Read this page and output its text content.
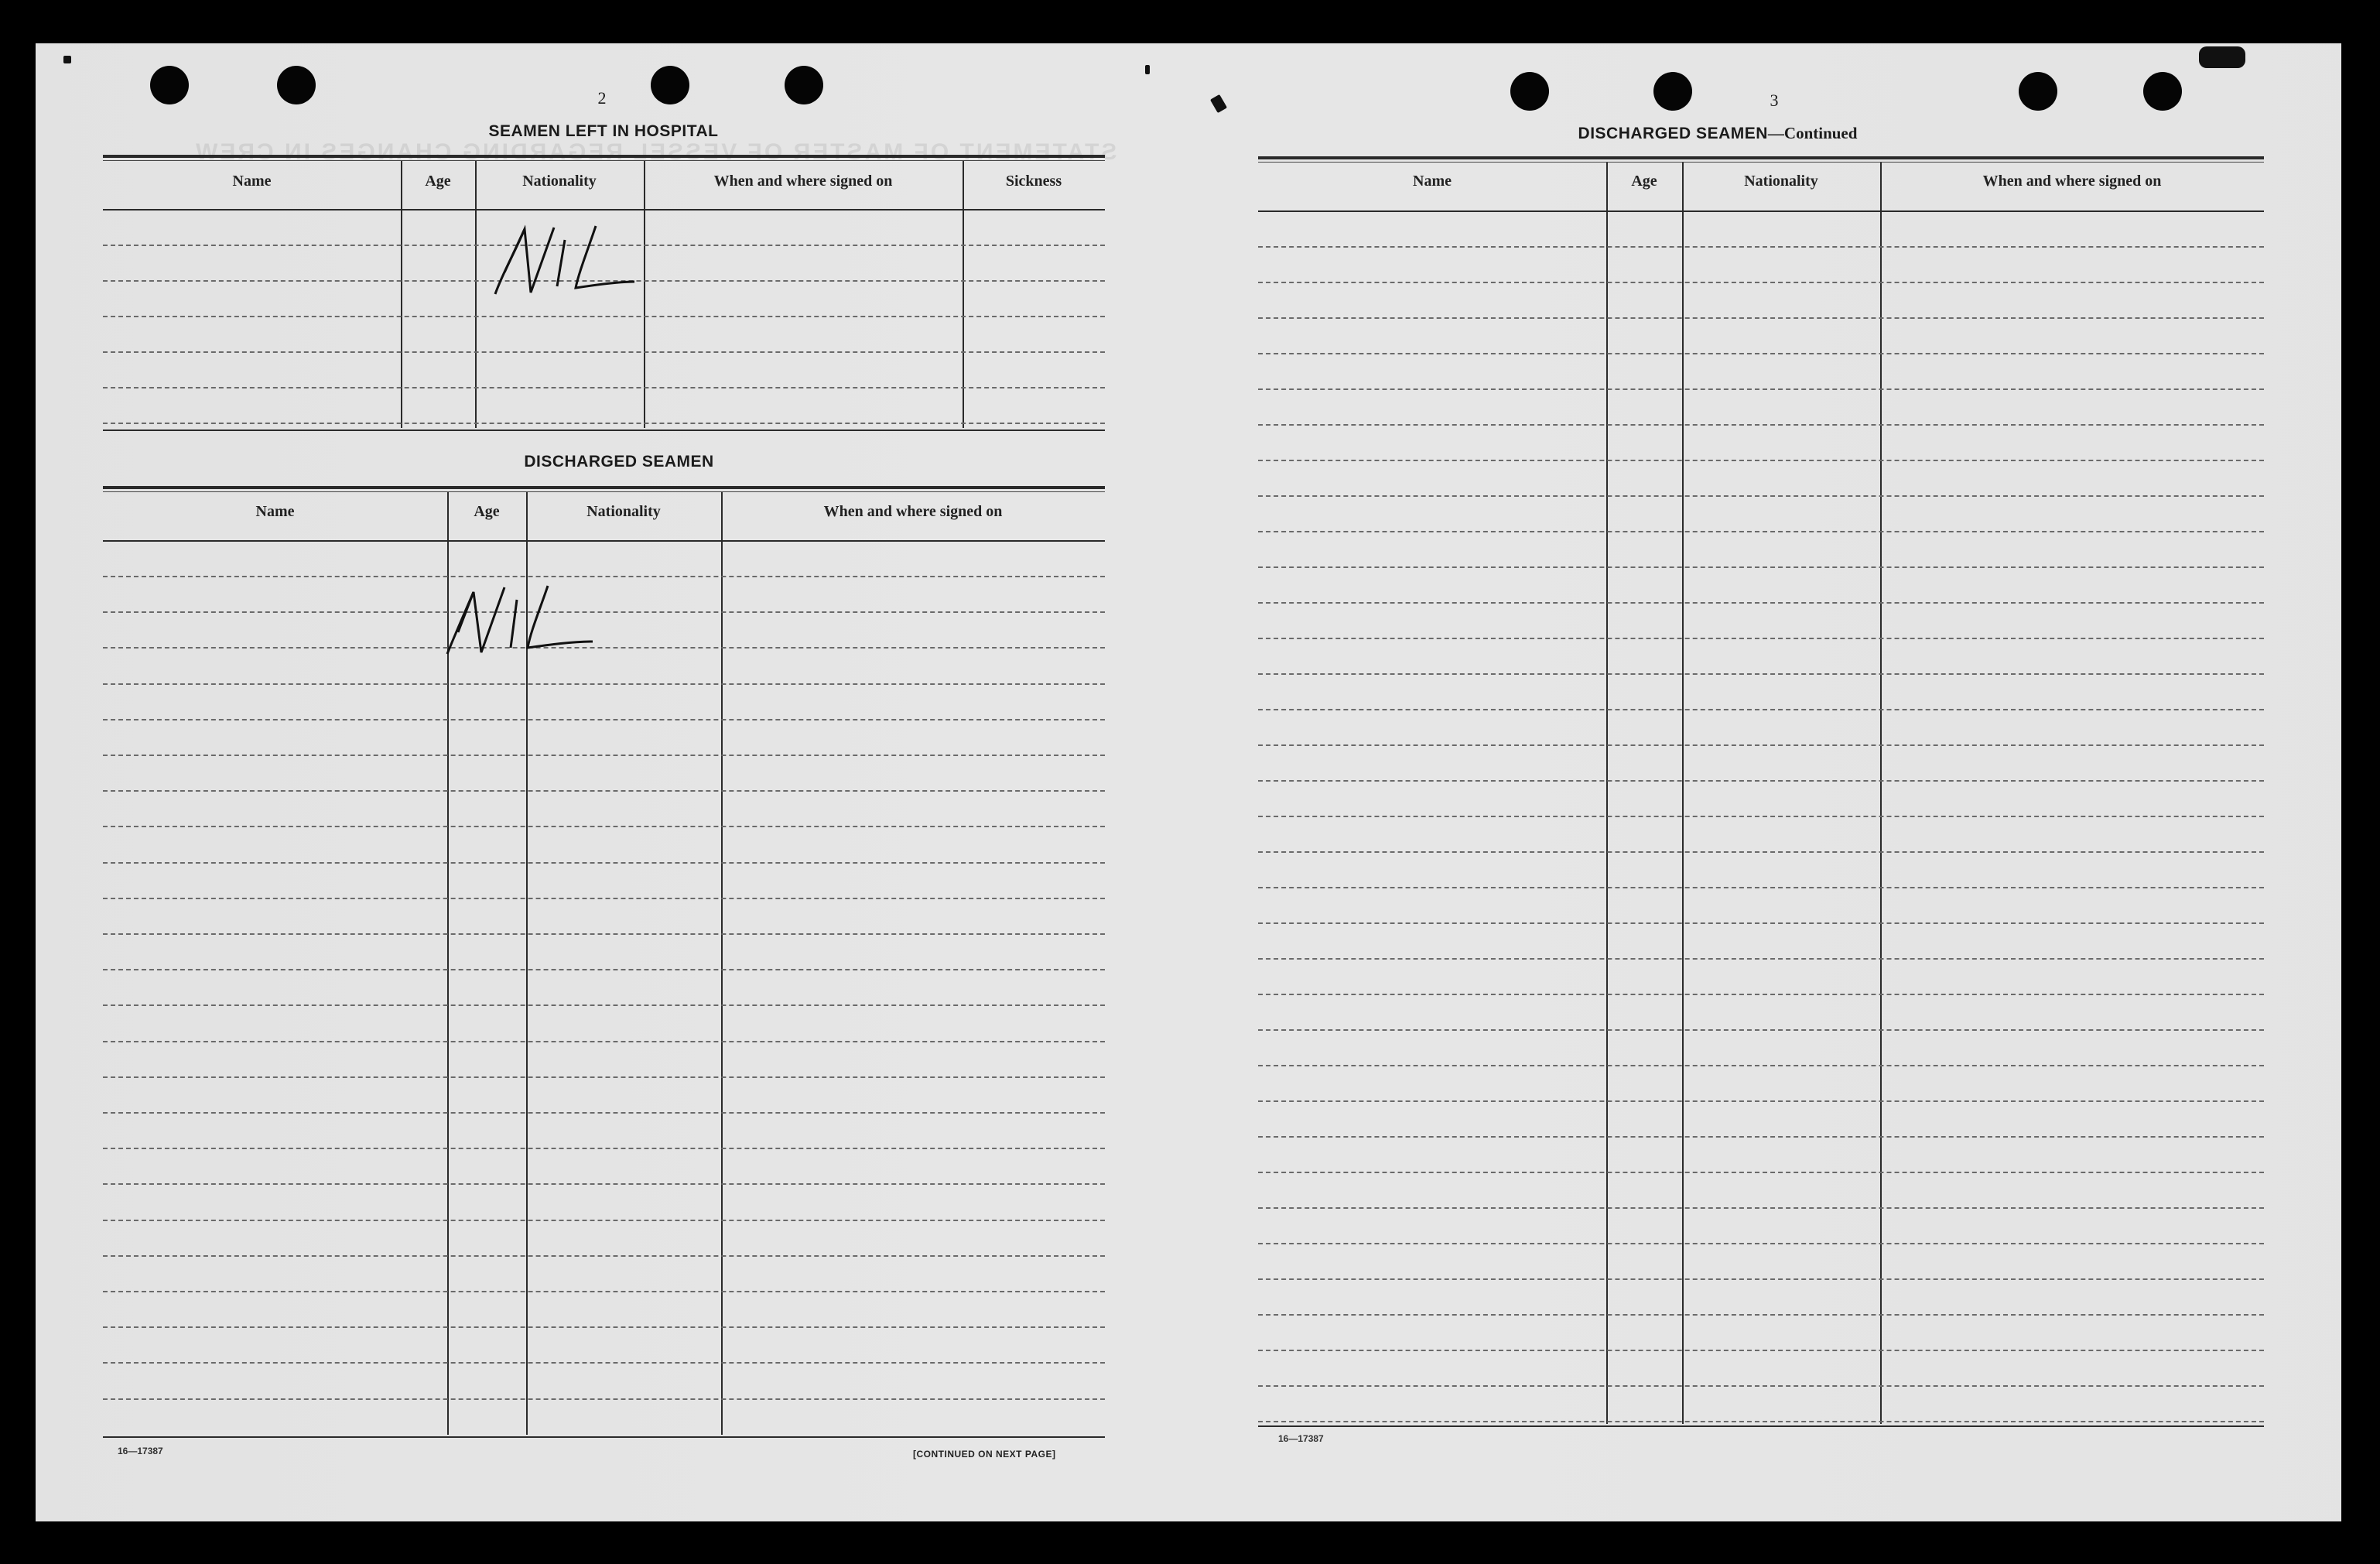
STATEMENT OF MASTER OF VESSEL REGARDING CHANGES IN CREW
2
SEAMEN LEFT IN HOSPITAL
Name	Age	Nationality	When and where signed on	Sickness
DISCHARGED SEAMEN
Name	Age	Nationality	When and where signed on
16—17387	[CONTINUED ON NEXT PAGE]
3
DISCHARGED SEAMEN—Continued
Name	Age	Nationality	When and where signed on
16—17387
